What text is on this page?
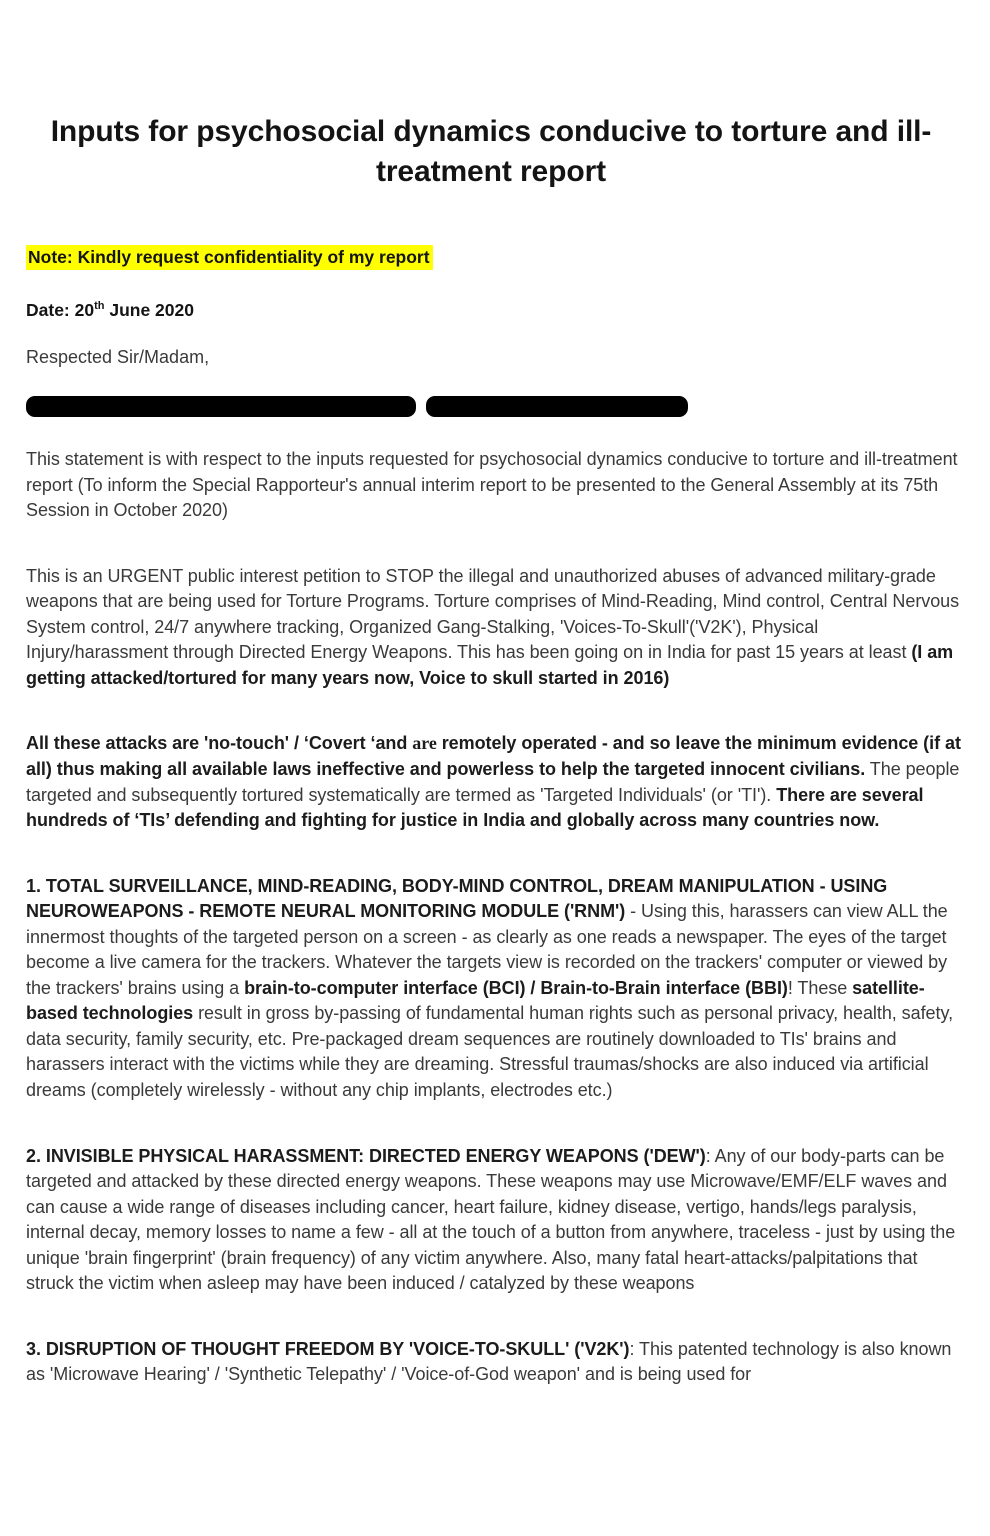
Inputs for psychosocial dynamics conducive to torture and ill-treatment report
Note: Kindly request confidentiality of my report
Date: 20th June 2020
Respected Sir/Madam,

This statement is with respect to the inputs requested for psychosocial dynamics conducive to torture and ill-treatment report (To inform the Special Rapporteur's annual interim report to be presented to the General Assembly at its 75th Session in October 2020)

This is an URGENT public interest petition to STOP the illegal and unauthorized abuses of advanced military-grade weapons that are being used for Torture Programs. Torture comprises of Mind-Reading, Mind control, Central Nervous System control, 24/7 anywhere tracking, Organized Gang-Stalking, 'Voices-To-Skull'('V2K'), Physical Injury/harassment through Directed Energy Weapons. This has been going on in India for past 15 years at least (I am getting attacked/tortured for many years now, Voice to skull started in 2016)

All these attacks are 'no-touch' / ‘Covert ‘and are remotely operated - and so leave the minimum evidence (if at all) thus making all available laws ineffective and powerless to help the targeted innocent civilians. The people targeted and subsequently tortured systematically are termed as 'Targeted Individuals' (or 'TI'). There are several hundreds of ‘TIs’ defending and fighting for justice in India and globally across many countries now.

1. TOTAL SURVEILLANCE, MIND-READING, BODY-MIND CONTROL, DREAM MANIPULATION - USING NEUROWEAPONS - REMOTE NEURAL MONITORING MODULE ('RNM') - Using this, harassers can view ALL the innermost thoughts of the targeted person on a screen - as clearly as one reads a newspaper. The eyes of the target become a live camera for the trackers. Whatever the targets view is recorded on the trackers' computer or viewed by the trackers' brains using a brain-to-computer interface (BCI) / Brain-to-Brain interface (BBI)! These satellite-based technologies result in gross by-passing of fundamental human rights such as personal privacy, health, safety, data security, family security, etc. Pre-packaged dream sequences are routinely downloaded to TIs' brains and harassers interact with the victims while they are dreaming. Stressful traumas/shocks are also induced via artificial dreams (completely wirelessly - without any chip implants, electrodes etc.)

2. INVISIBLE PHYSICAL HARASSMENT: DIRECTED ENERGY WEAPONS ('DEW'): Any of our body-parts can be targeted and attacked by these directed energy weapons. These weapons may use Microwave/EMF/ELF waves and can cause a wide range of diseases including cancer, heart failure, kidney disease, vertigo, hands/legs paralysis, internal decay, memory losses to name a few - all at the touch of a button from anywhere, traceless - just by using the unique 'brain fingerprint' (brain frequency) of any victim anywhere. Also, many fatal heart-attacks/palpitations that struck the victim when asleep may have been induced / catalyzed by these weapons

3. DISRUPTION OF THOUGHT FREEDOM BY 'VOICE-TO-SKULL' ('V2K'): This patented technology is also known as 'Microwave Hearing' / 'Synthetic Telepathy' / 'Voice-of-God weapon' and is being used for
